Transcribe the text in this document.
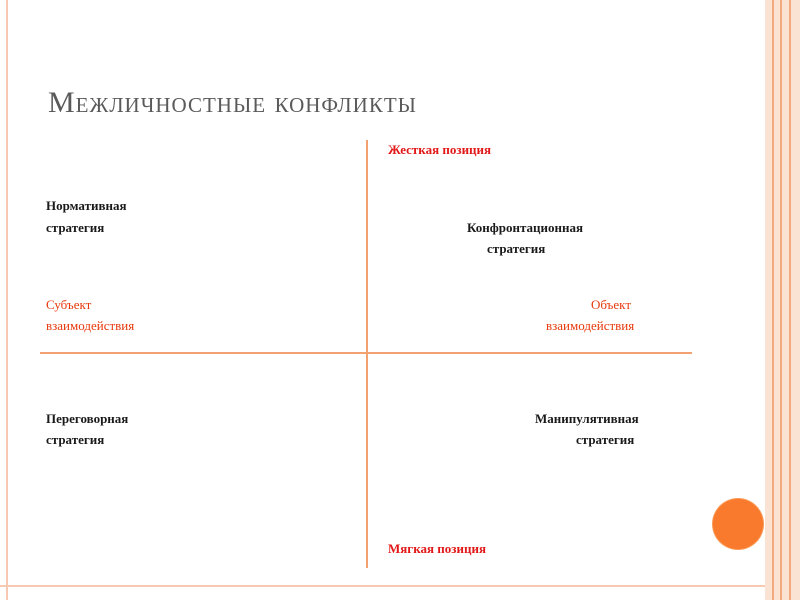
Межличностные конфликты
Жесткая позиция
Мягкая позиция
Субъект
взаимодействия
Объект
взаимодействия
Нормативная
стратегия	Конфронтационная
стратегия
Переговорная
стратегия
Манипулятивная
стратегия
